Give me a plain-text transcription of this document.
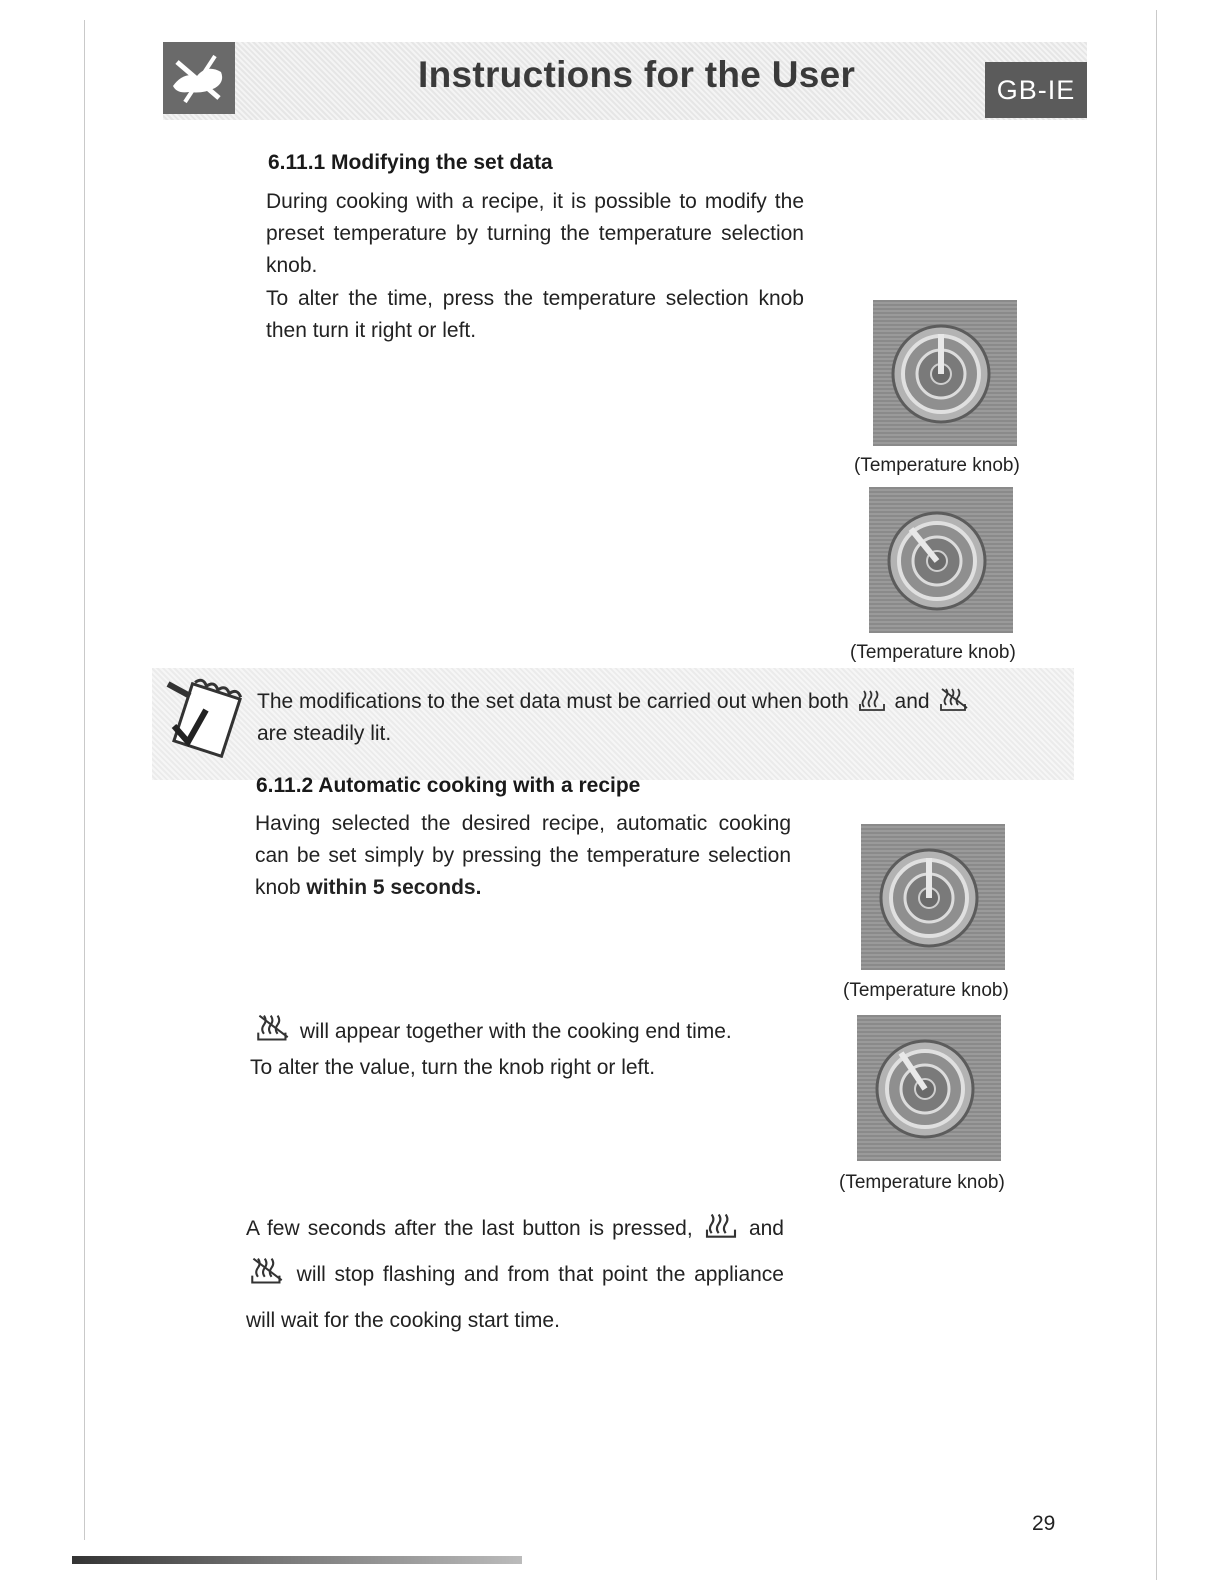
Instructions for the User	GB-IE
6.11.1 Modifying the set data
During cooking with a recipe, it is possible to modify the preset temperature by turning the temperature selection knob.
To alter the time, press the temperature selection knob then turn it right or left.
(Temperature knob)
(Temperature knob)
The modifications to the set data must be carried out when both and
are steadily lit.
6.11.2 Automatic cooking with a recipe
Having selected the desired recipe, automatic cooking can be set simply by pressing the temperature selection knob within 5 seconds.
(Temperature knob)
will appear together with the cooking end time.
To alter the value, turn the knob right or left.
(Temperature knob)
A few seconds after the last button is pressed,	and  will stop flashing and from that point the appliance will wait for the cooking start time.
29
